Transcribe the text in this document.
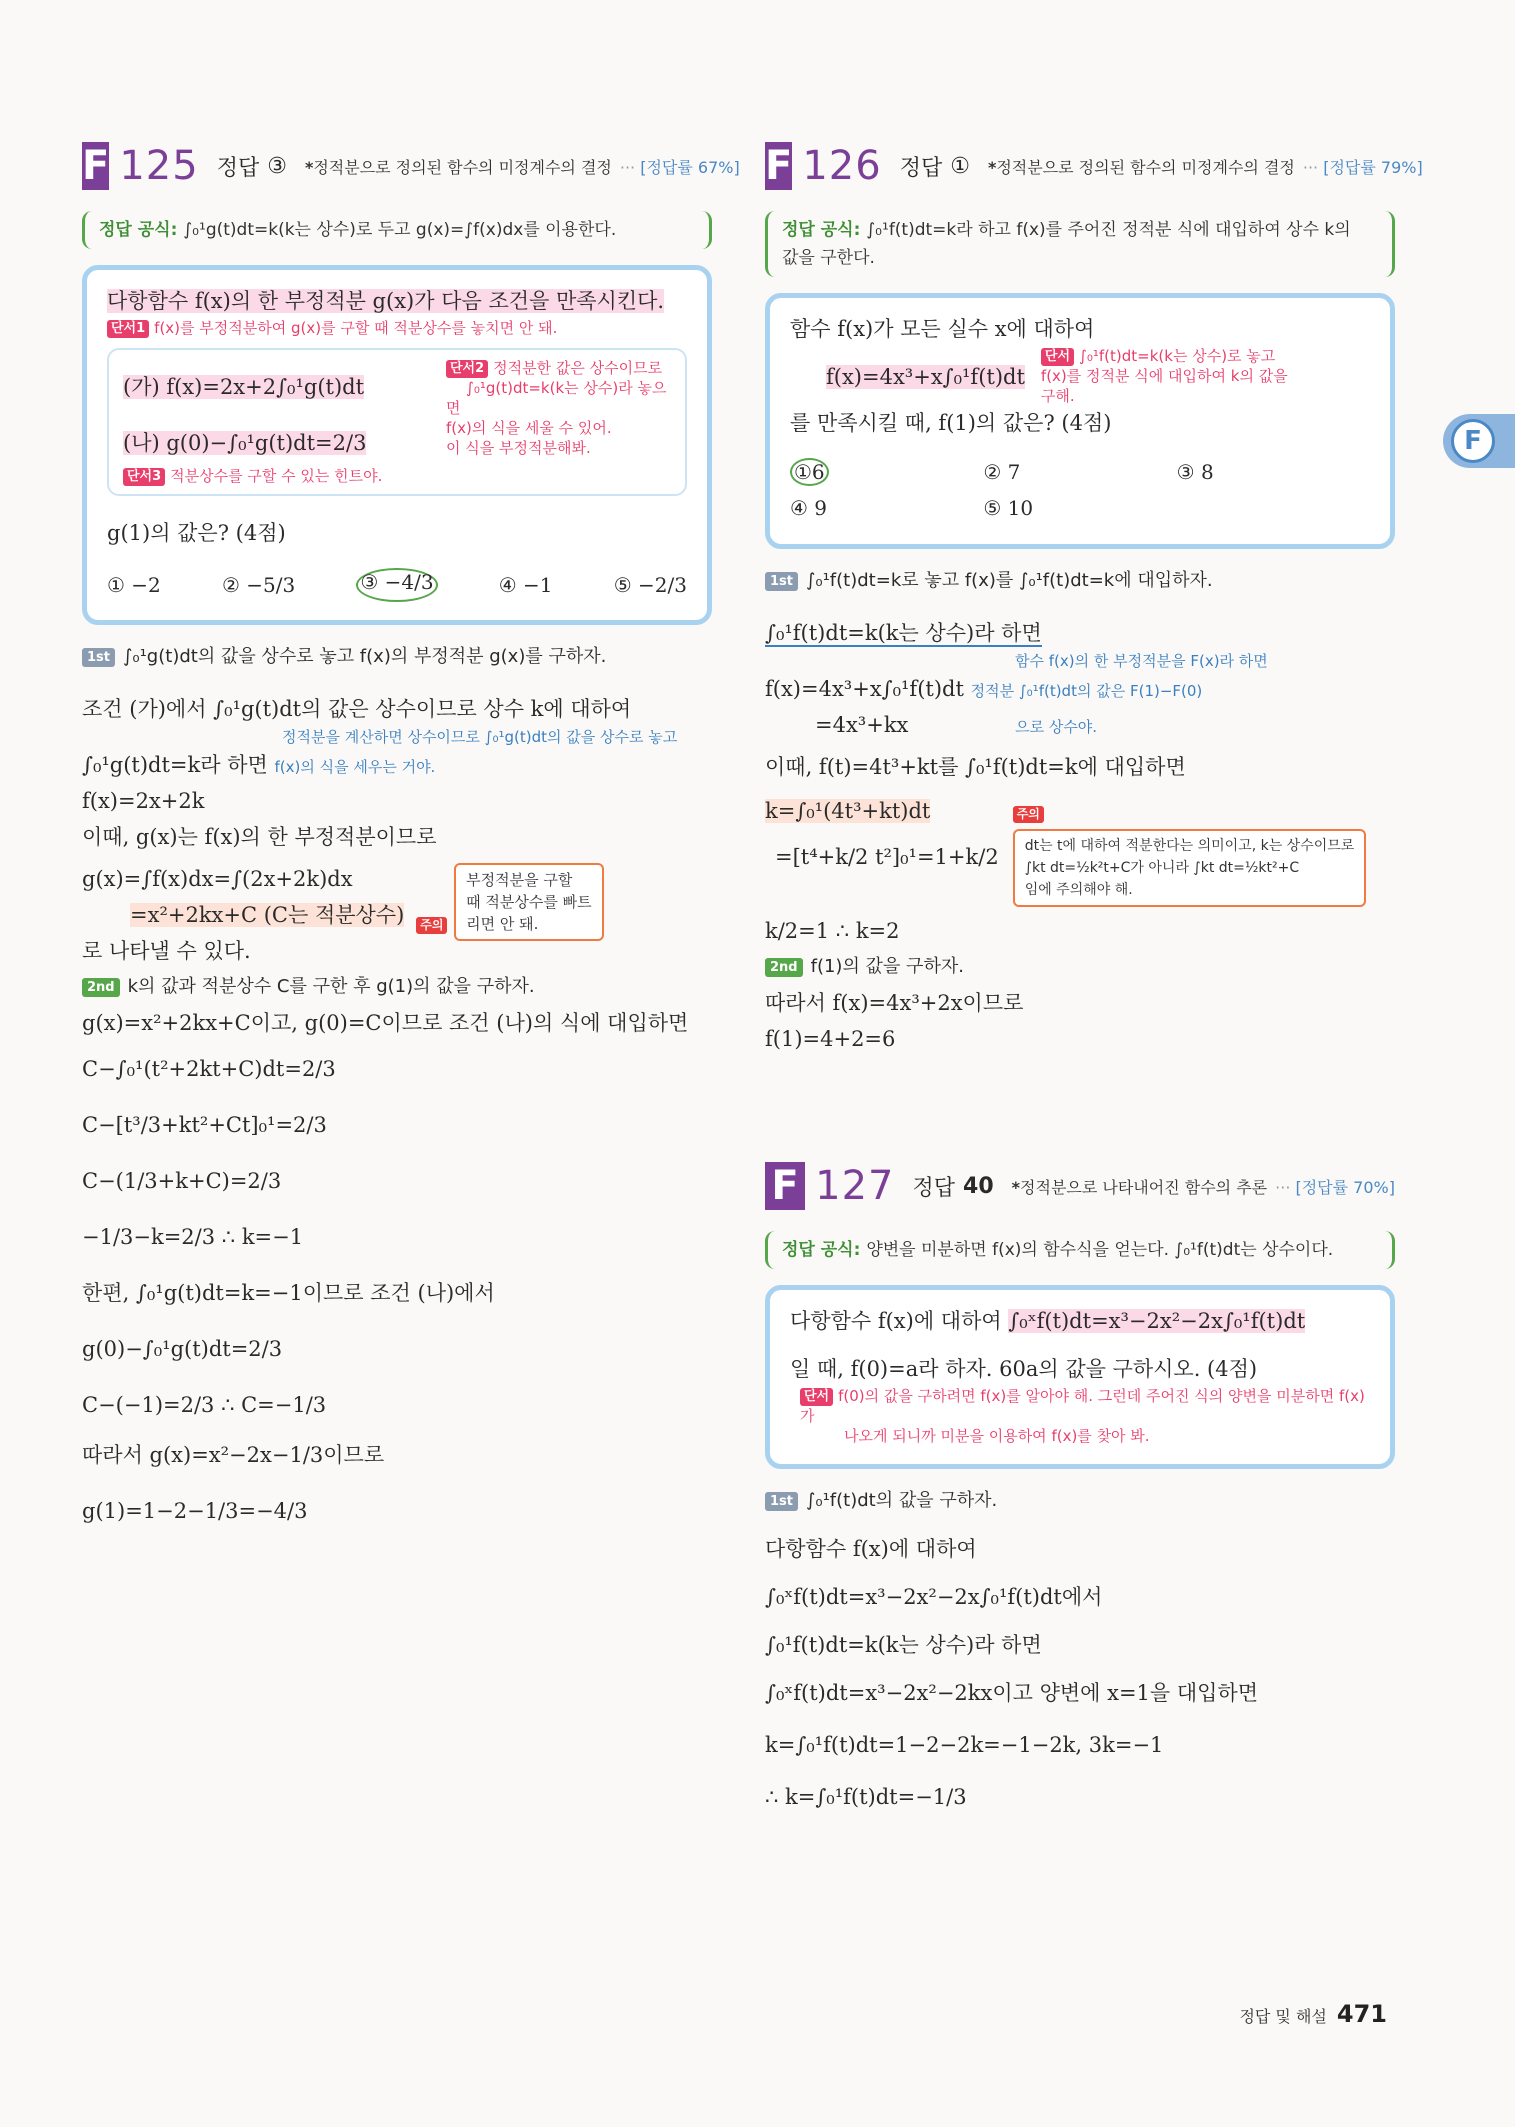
F 125 정답 ③ *정적분으로 정의된 함수의 미정계수의 결정 ··· [정답률 67%]
정답 공식: ∫₀¹g(t)dt=k(k는 상수)로 두고 g(x)=∫f(x)dx를 이용한다.
다항함수 f(x)의 한 부정적분 g(x)가 다음 조건을 만족시킨다.
단서1 f(x)를 부정적분하여 g(x)를 구할 때 적분상수를 놓치면 안 돼.
(가) f(x)=2x+2∫₀¹g(t)dt
(나) g(0)−∫₀¹g(t)dt=2/3
단서2 정적분한 값은 상수이므로
∫₀¹g(t)dt=k(k는 상수)라 놓으면
f(x)의 식을 세울 수 있어.
이 식을 부정적분해봐.
단서3 적분상수를 구할 수 있는 힌트야.
g(1)의 값은? (4점)
① −2	② −5/3	③ −4/3	④ −1	⑤ −2/3
1st ∫₀¹g(t)dt의 값을 상수로 놓고 f(x)의 부정적분 g(x)를 구하자.
조건 (가)에서 ∫₀¹g(t)dt의 값은 상수이므로 상수 k에 대하여
정적분을 계산하면 상수이므로 ∫₀¹g(t)dt의 값을 상수로 놓고
∫₀¹g(t)dt=k라 하면 f(x)의 식을 세우는 거야.
f(x)=2x+2k
이때, g(x)는 f(x)의 한 부정적분이므로
g(x)=∫f(x)dx=∫(2x+2k)dx
=x²+2kx+C (C는 적분상수)
로 나타낼 수 있다.
주의 부정적분을 구할
때 적분상수를 빠트
리면 안 돼.
2nd k의 값과 적분상수 C를 구한 후 g(1)의 값을 구하자.
g(x)=x²+2kx+C이고, g(0)=C이므로 조건 (나)의 식에 대입하면
C−∫₀¹(t²+2kt+C)dt=2/3
C−[t³/3+kt²+Ct]₀¹=2/3
C−(1/3+k+C)=2/3
−1/3−k=2/3 ∴ k=−1
한편, ∫₀¹g(t)dt=k=−1이므로 조건 (나)에서
g(0)−∫₀¹g(t)dt=2/3
C−(−1)=2/3 ∴ C=−1/3
따라서 g(x)=x²−2x−1/3이므로
g(1)=1−2−1/3=−4/3
F 126 정답 ① *정적분으로 정의된 함수의 미정계수의 결정 ··· [정답률 79%]
정답 공식: ∫₀¹f(t)dt=k라 하고 f(x)를 주어진 정적분 식에 대입하여 상수 k의
값을 구한다.
함수 f(x)가 모든 실수 x에 대하여
f(x)=4x³+x∫₀¹f(t)dt
단서 ∫₀¹f(t)dt=k(k는 상수)로 놓고
f(x)를 정적분 식에 대입하여 k의 값을
구해.
를 만족시킬 때, f(1)의 값은? (4점)
①6	② 7	③ 8
④ 9	⑤ 10
1st ∫₀¹f(t)dt=k로 놓고 f(x)를 ∫₀¹f(t)dt=k에 대입하자.
∫₀¹f(t)dt=k(k는 상수)라 하면
함수 f(x)의 한 부정적분을 F(x)라 하면
f(x)=4x³+x∫₀¹f(t)dt 정적분 ∫₀¹f(t)dt의 값은 F(1)−F(0)
=4x³+kx	으로 상수야.
이때, f(t)=4t³+kt를 ∫₀¹f(t)dt=k에 대입하면
k=∫₀¹(4t³+kt)dt
=[t⁴+k/2 t²]₀¹=1+k/2
주의 dt는 t에 대하여 적분한다는 의미이고, k는 상수이므로
∫kt dt=½k²t+C가 아니라 ∫kt dt=½kt²+C
임에 주의해야 해.
k/2=1 ∴ k=2
2nd f(1)의 값을 구하자.
따라서 f(x)=4x³+2x이므로
f(1)=4+2=6
F 127 정답 40 *정적분으로 나타내어진 함수의 추론 ··· [정답률 70%]
정답 공식: 양변을 미분하면 f(x)의 함수식을 얻는다. ∫₀¹f(t)dt는 상수이다.
다항함수 f(x)에 대하여 ∫₀ˣf(t)dt=x³−2x²−2x∫₀¹f(t)dt
일 때, f(0)=a라 하자. 60a의 값을 구하시오. (4점)
단서 f(0)의 값을 구하려면 f(x)를 알아야 해. 그런데 주어진 식의 양변을 미분하면 f(x)가
나오게 되니까 미분을 이용하여 f(x)를 찾아 봐.
1st ∫₀¹f(t)dt의 값을 구하자.
다항함수 f(x)에 대하여
∫₀ˣf(t)dt=x³−2x²−2x∫₀¹f(t)dt에서
∫₀¹f(t)dt=k(k는 상수)라 하면
∫₀ˣf(t)dt=x³−2x²−2kx이고 양변에 x=1을 대입하면
k=∫₀¹f(t)dt=1−2−2k=−1−2k, 3k=−1
∴ k=∫₀¹f(t)dt=−1/3
F
정답 및 해설 471
